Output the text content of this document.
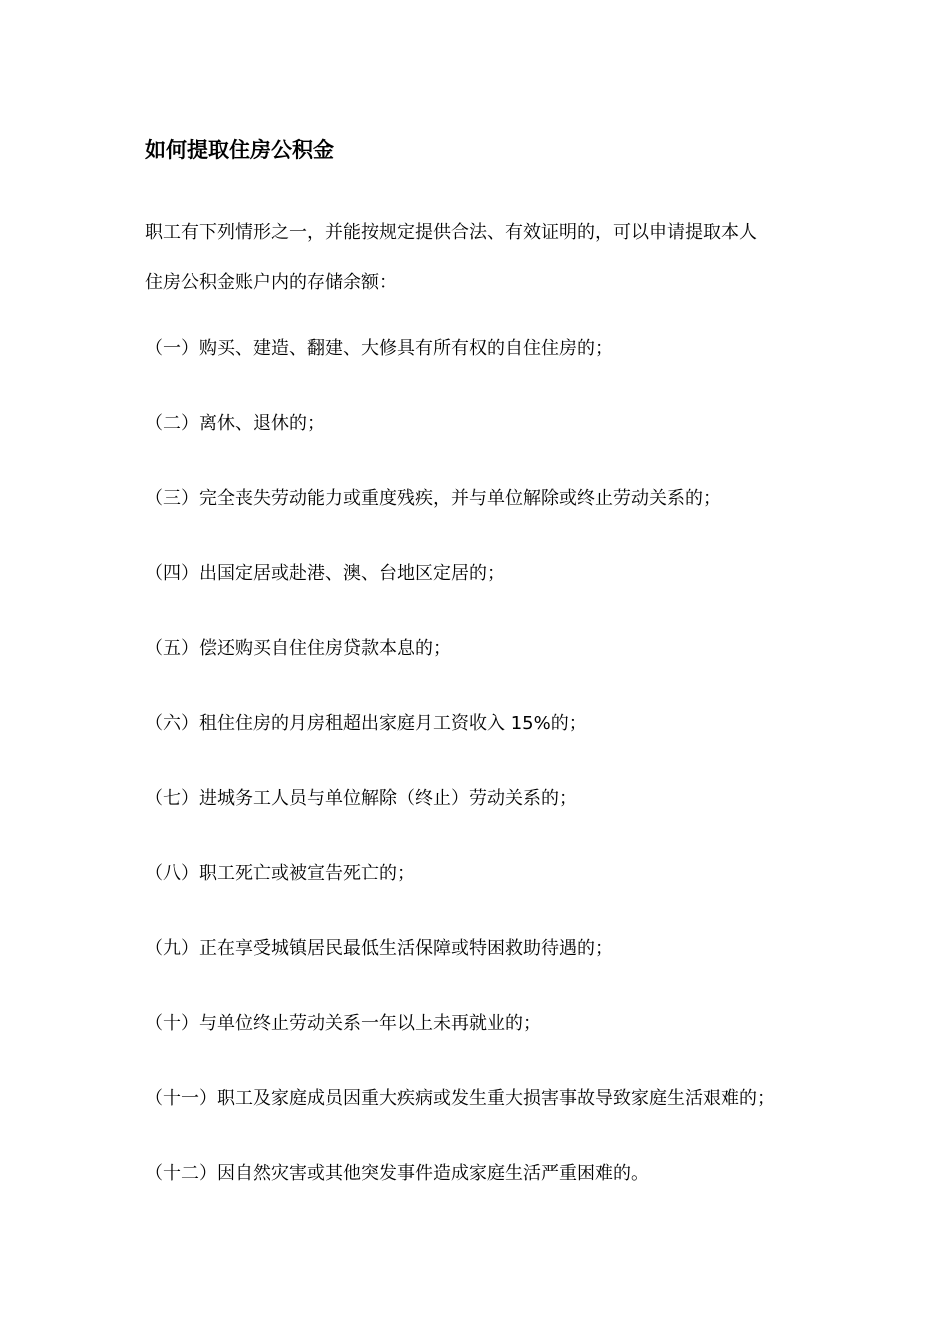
如何提取住房公积金
职工有下列情形之一，并能按规定提供合法、有效证明的，可以申请提取本人
住房公积金账户内的存储余额：
（一）购买、建造、翻建、大修具有所有权的自住住房的；
（二）离休、退休的；
（三）完全丧失劳动能力或重度残疾，并与单位解除或终止劳动关系的；
（四）出国定居或赴港、澳、台地区定居的；
（五）偿还购买自住住房贷款本息的；
（六）租住住房的月房租超出家庭月工资收入 15%的；
（七）进城务工人员与单位解除（终止）劳动关系的；
（八）职工死亡或被宣告死亡的；
（九）正在享受城镇居民最低生活保障或特困救助待遇的；
（十）与单位终止劳动关系一年以上未再就业的；
（十一）职工及家庭成员因重大疾病或发生重大损害事故导致家庭生活艰难的；
（十二）因自然灾害或其他突发事件造成家庭生活严重困难的。
